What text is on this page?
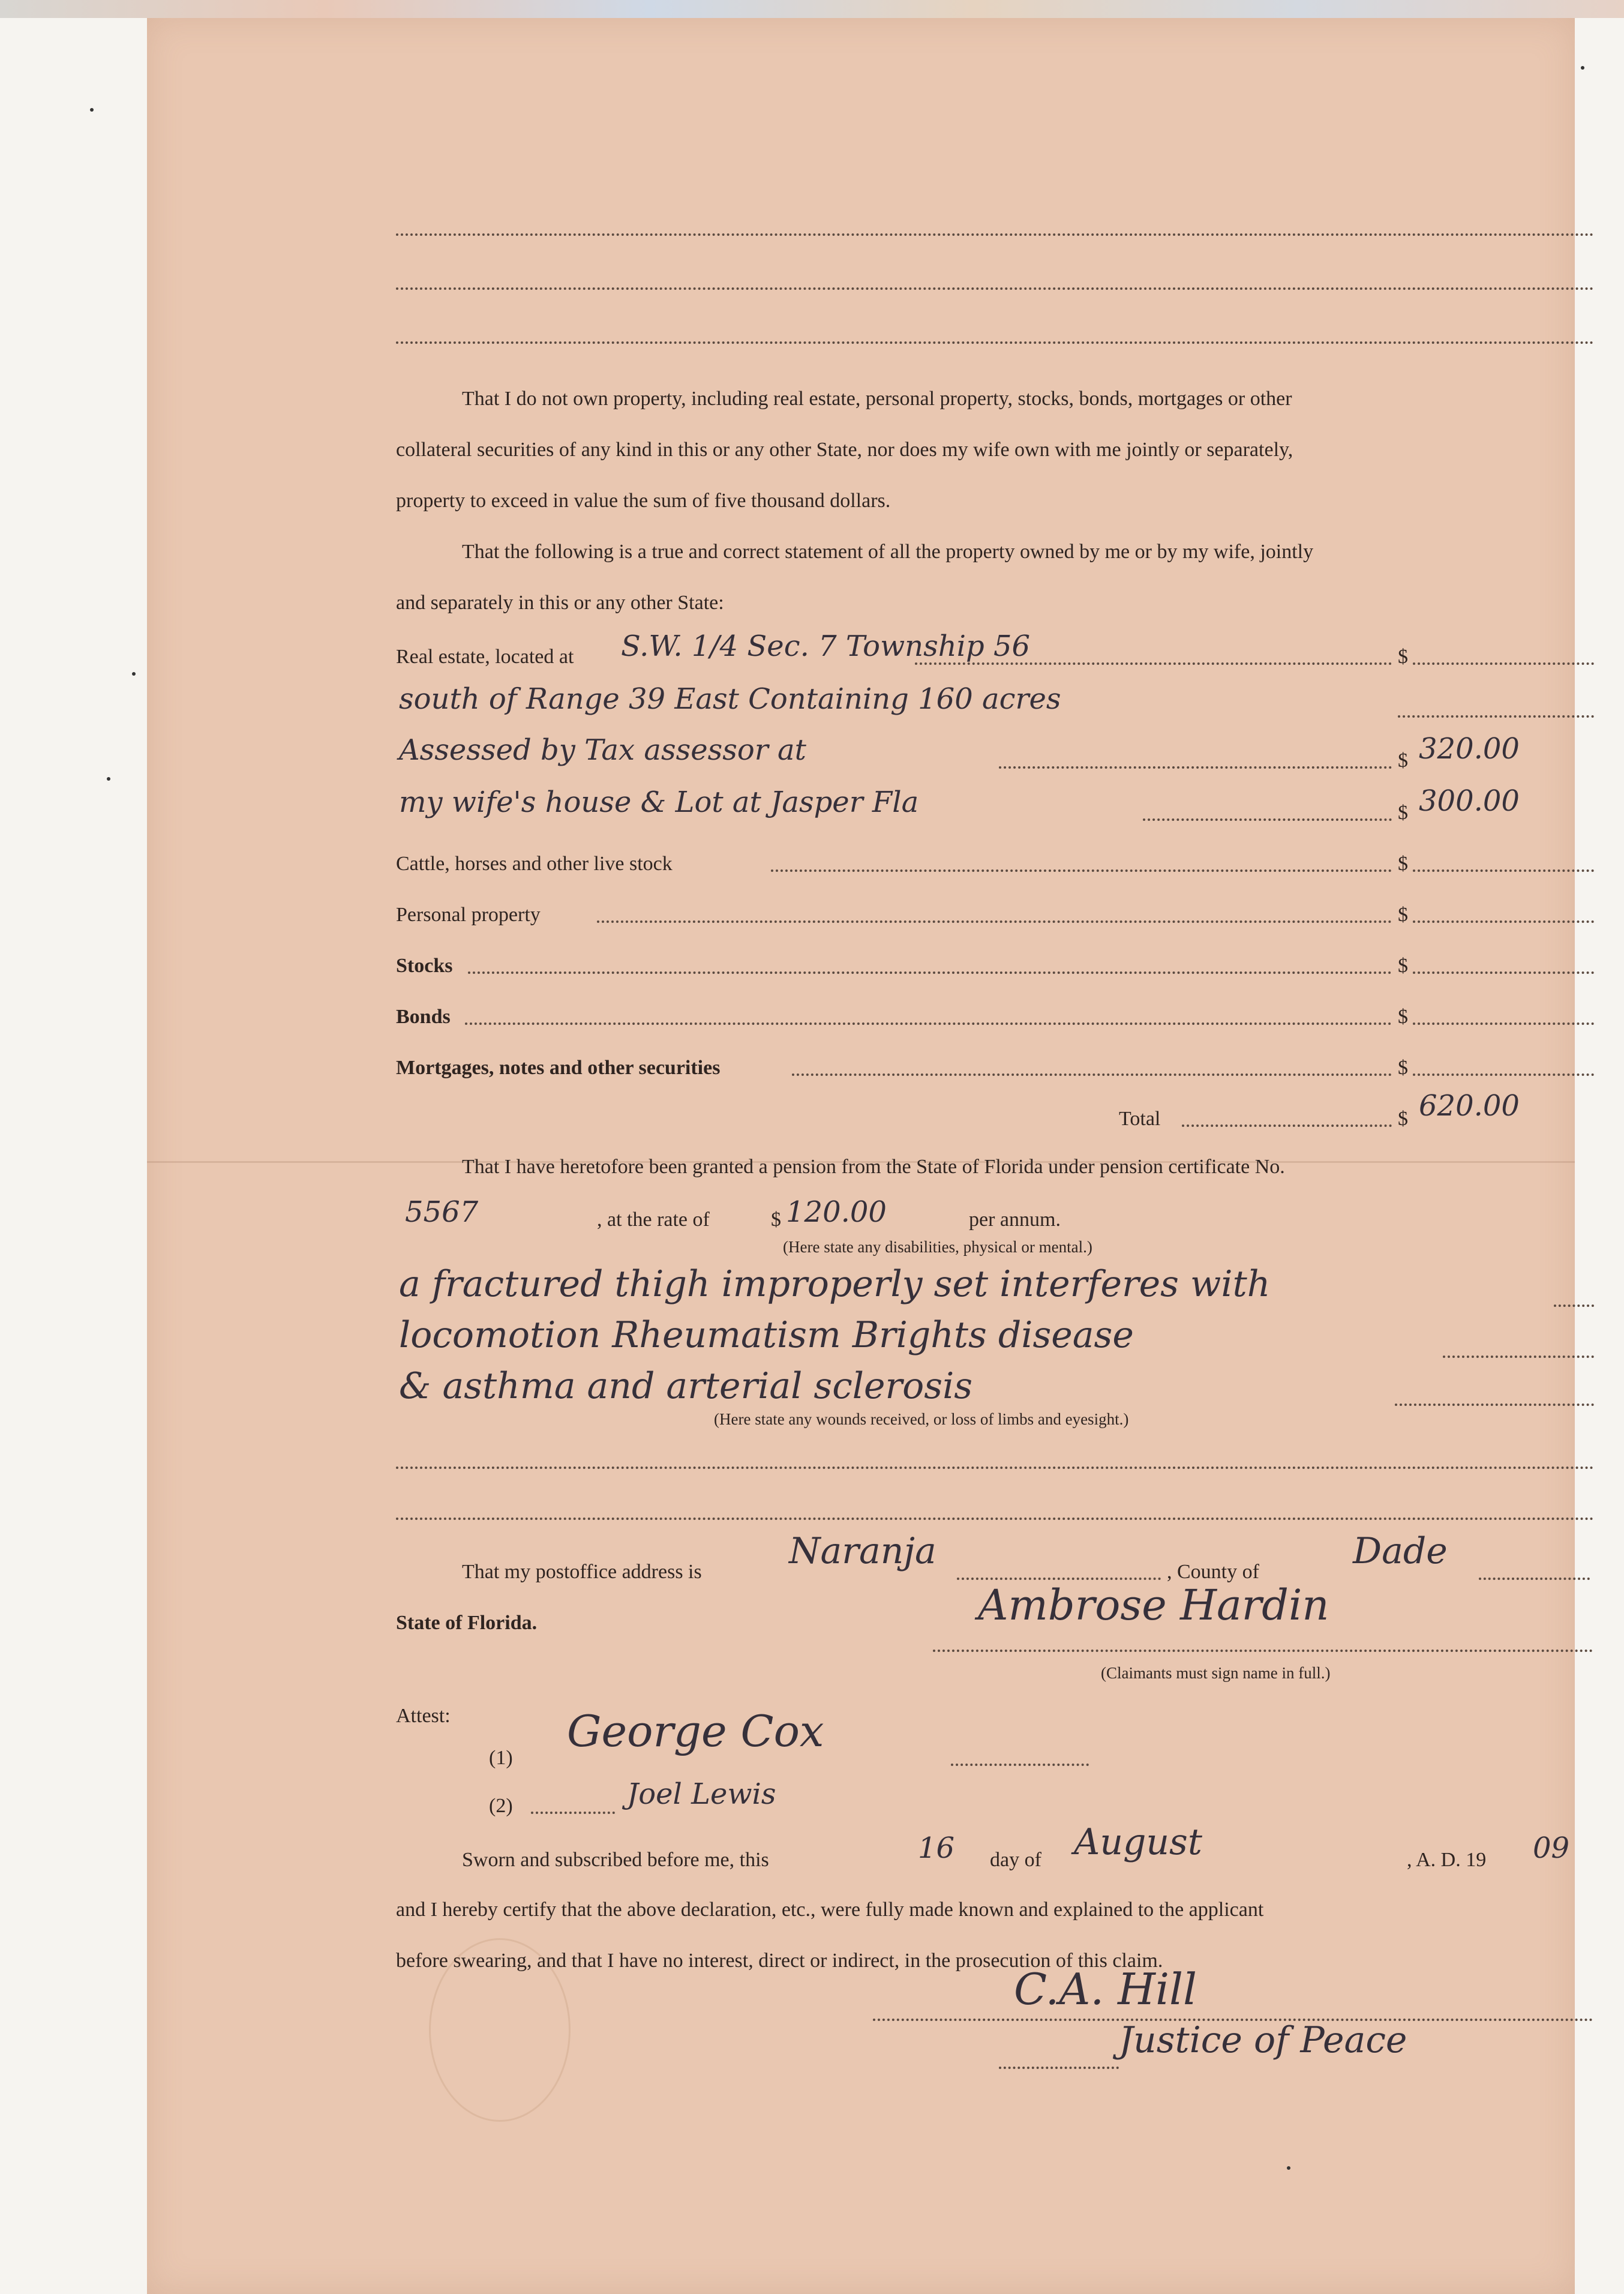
That I do not own property, including real estate, personal property, stocks, bonds, mortgages or other
collateral securities of any kind in this or any other State, nor does my wife own with me jointly or separately,
property to exceed in value the sum of five thousand dollars.
That the following is a true and correct statement of all the property owned by me or by my wife, jointly
and separately in this or any other State:
Real estate, located at S.W. 1/4 Sec. 7 Township 56	$
south of Range 39 East Containing 160 acres
Assessed by Tax assessor at	$ 320.00
my wife's house & Lot at Jasper Fla	$ 300.00
Cattle, horses and other live stock	$
Personal property	$
Stocks	$
Bonds	$
Mortgages, notes and other securities	$
Total	$ 620.00
That I have heretofore been granted a pension from the State of Florida under pension certificate No.
5567	, at the rate of	$ 120.00	per annum.
(Here state any disabilities, physical or mental.)
a fractured thigh improperly set interferes with
locomotion Rheumatism Brights disease
& asthma and arterial sclerosis
(Here state any wounds received, or loss of limbs and eyesight.)
That my postoffice address is Naranja	, County of	Dade
State of Florida.	Ambrose Hardin
(Claimants must sign name in full.)
Attest:
(1)
George Cox
(2)	Joel Lewis
Sworn and subscribed before me, this	16 day of August	, A. D. 19 09
and I hereby certify that the above declaration, etc., were fully made known and explained to the applicant
before swearing, and that I have no interest, direct or indirect, in the prosecution of this claim.
C.A. Hill
Justice of Peace
